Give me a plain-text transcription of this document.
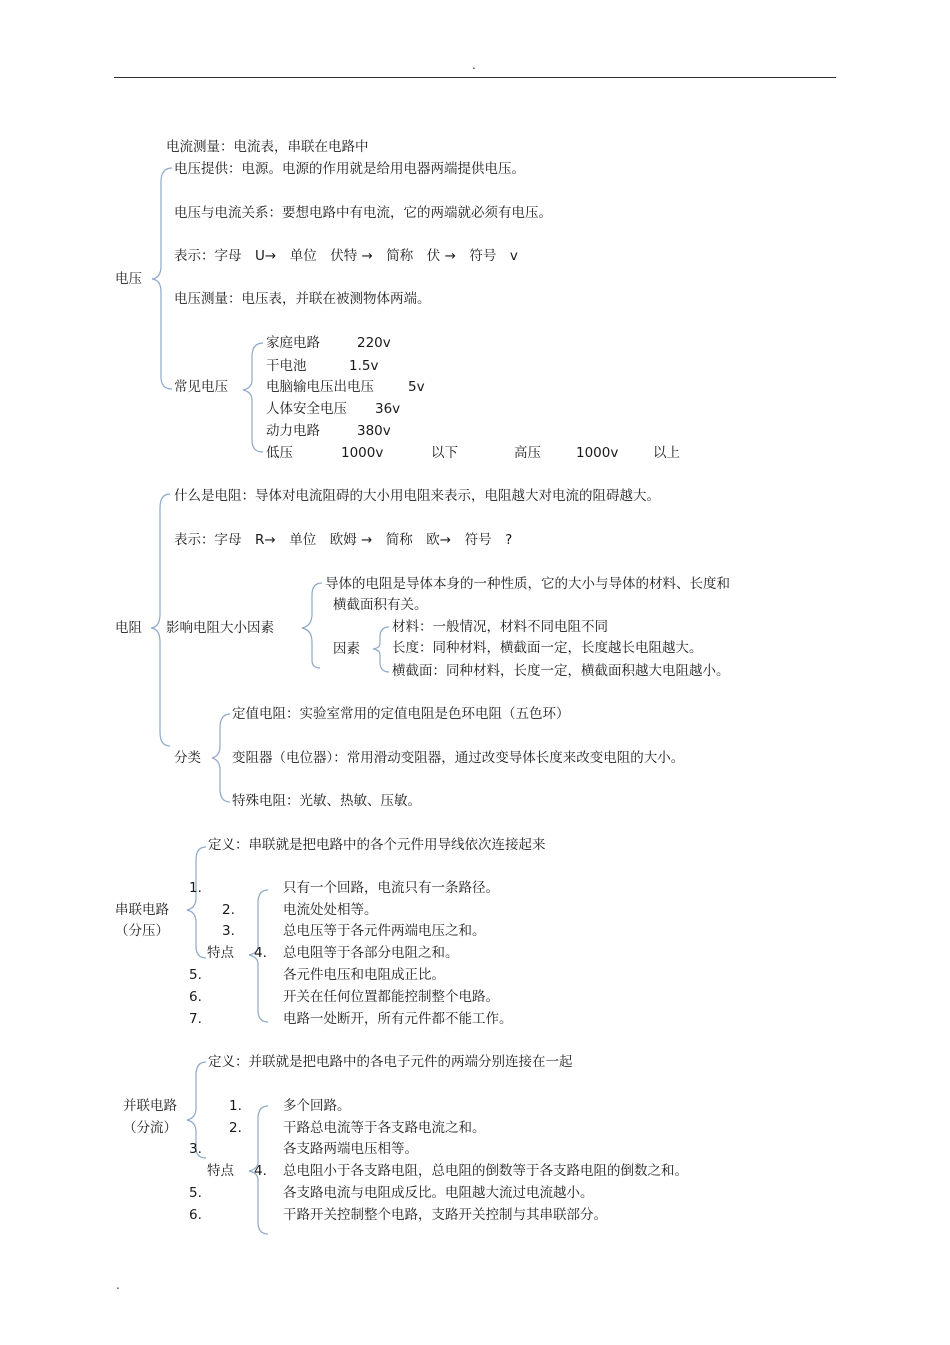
.
电流测量：电流表，串联在电路中
电压
电压提供：电源。电源的作用就是给用电器两端提供电压。
电压与电流关系：要想电路中有电流，它的两端就必须有电压。
表示：字母　U→　单位　伏特 →　简称　伏 →　符号　v
电压测量：电压表，并联在被测物体两端。
常见电压
家庭电路	220v
干电池	1.5v
电脑输电压出电压	5v
人体安全电压 36v
动力电路	380v
低压	1000v	以下	高压	1000v	以上
电阻
什么是电阻：导体对电流阻碍的大小用电阻来表示，电阻越大对电流的阻碍越大。
表示：字母　R→　单位　欧姆 →　简称　欧→　符号　?
影响电阻大小因素
导体的电阻是导体本身的一种性质，它的大小与导体的材料、长度和
横截面积有关。
因素
材料：一般情况，材料不同电阻不同
长度：同种材料，横截面一定，长度越长电阻越大。
横截面：同种材料，长度一定，横截面积越大电阻越小。
分类
定值电阻：实验室常用的定值电阻是色环电阻（五色环）
变阻器（电位器）：常用滑动变阻器，通过改变导体长度来改变电阻的大小。
特殊电阻：光敏、热敏、压敏。
串联电路
（分压）
定义：串联就是把电路中的各个元件用导线依次连接起来
特点
1.
2.
3.
4.
5.
6.
7.
只有一个回路，电流只有一条路径。
电流处处相等。
总电压等于各元件两端电压之和。
总电阻等于各部分电阻之和。
各元件电压和电阻成正比。
开关在任何位置都能控制整个电路。
电路一处断开，所有元件都不能工作。
并联电路
（分流）
定义：并联就是把电路中的各电子元件的两端分别连接在一起
特点
1.
2.
3.
4.
5.
6.
多个回路。
干路总电流等于各支路电流之和。
各支路两端电压相等。
总电阻小于各支路电阻，总电阻的倒数等于各支路电阻的倒数之和。
各支路电流与电阻成反比。电阻越大流过电流越小。
干路开关控制整个电路，支路开关控制与其串联部分。
.
